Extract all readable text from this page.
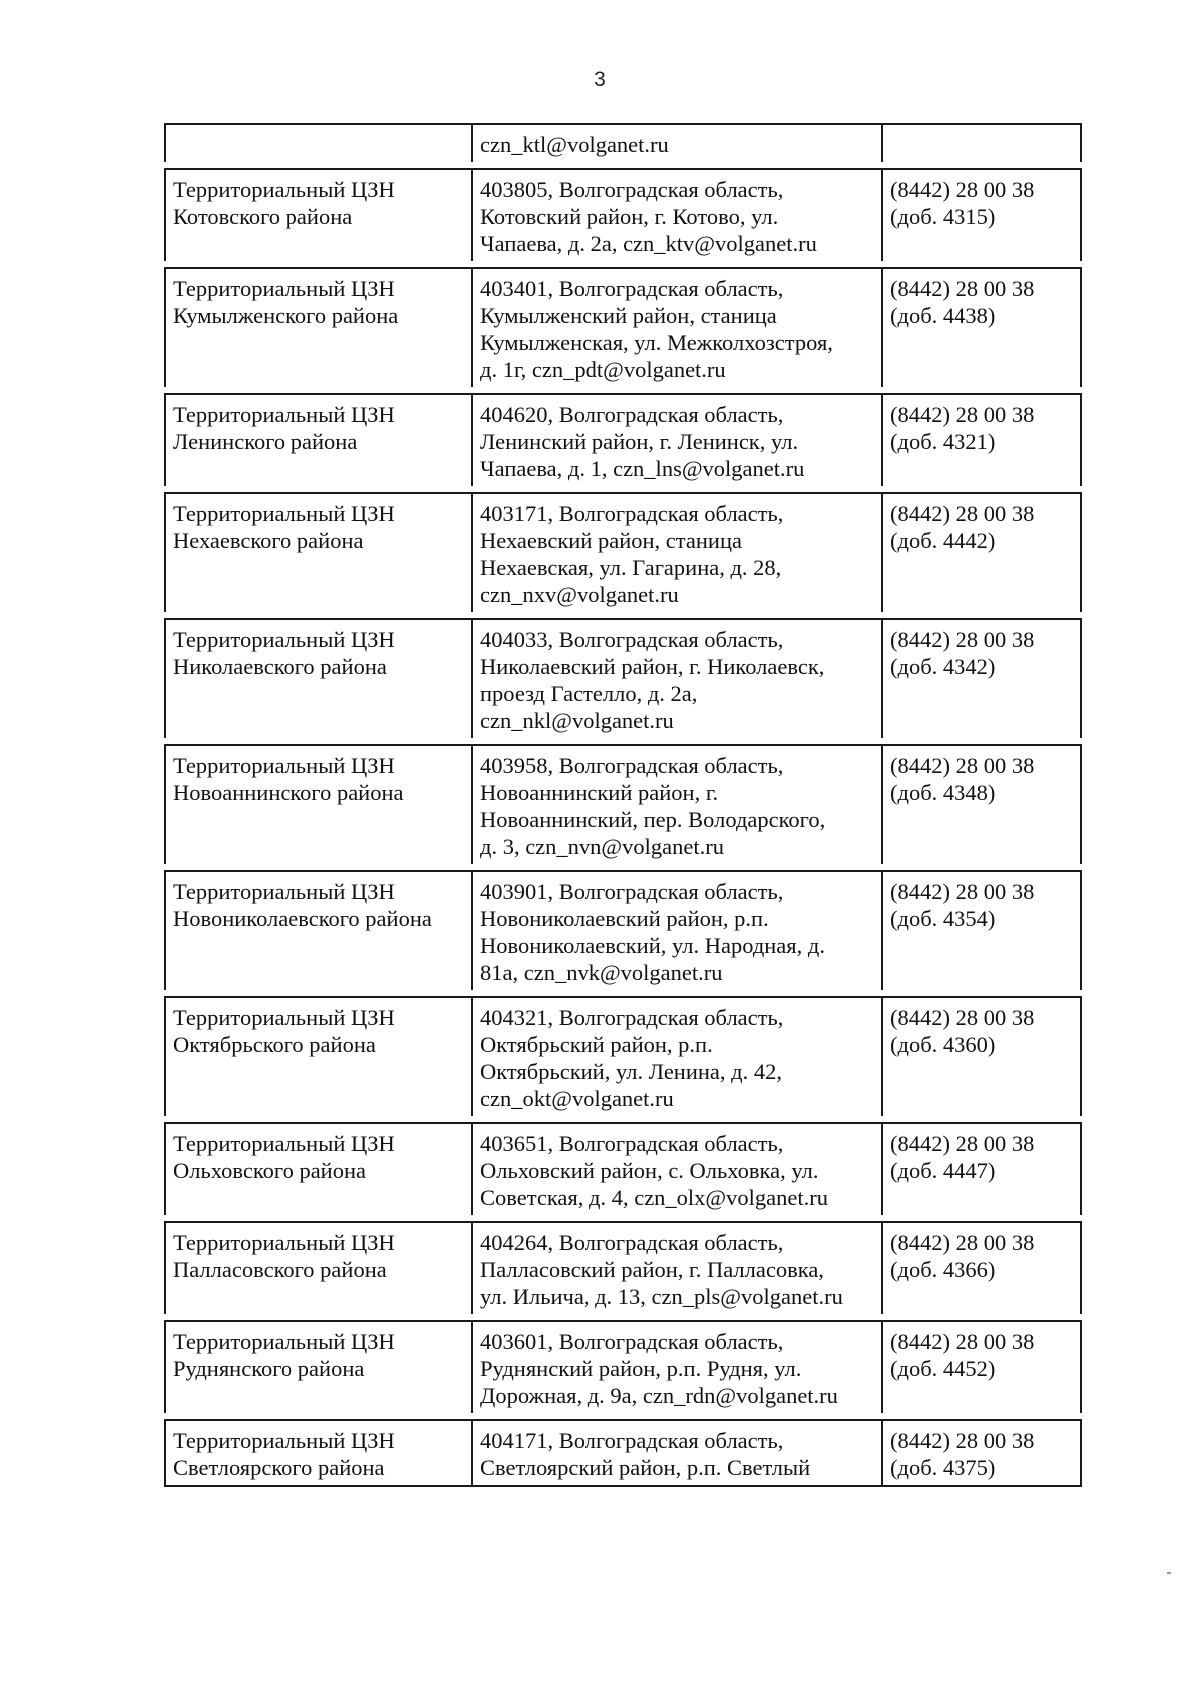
3
czn_ktl@volganet.ru
Территориальный ЦЗН
Котовского района
403805, Волгоградская область,
Котовский район, г. Котово, ул.
Чапаева, д. 2а, czn_ktv@volganet.ru
(8442) 28 00 38
(доб. 4315)
Территориальный ЦЗН
Кумылженского района
403401, Волгоградская область,
Кумылженский район, станица
Кумылженская, ул. Межколхозстроя,
д. 1г, czn_pdt@volganet.ru
(8442) 28 00 38
(доб. 4438)
Территориальный ЦЗН
Ленинского района
404620, Волгоградская область,
Ленинский район, г. Ленинск, ул.
Чапаева, д. 1, czn_lns@volganet.ru
(8442) 28 00 38
(доб. 4321)
Территориальный ЦЗН
Нехаевского района
403171, Волгоградская область,
Нехаевский район, станица
Нехаевская, ул. Гагарина, д. 28,
czn_nxv@volganet.ru
(8442) 28 00 38
(доб. 4442)
Территориальный ЦЗН
Николаевского района
404033, Волгоградская область,
Николаевский район, г. Николаевск,
проезд Гастелло, д. 2а,
czn_nkl@volganet.ru
(8442) 28 00 38
(доб. 4342)
Территориальный ЦЗН
Новоаннинского района
403958, Волгоградская область,
Новоаннинский район, г.
Новоаннинский, пер. Володарского,
д. 3, czn_nvn@volganet.ru
(8442) 28 00 38
(доб. 4348)
Территориальный ЦЗН
Новониколаевского района
403901, Волгоградская область,
Новониколаевский район, р.п.
Новониколаевский, ул. Народная, д.
81а, czn_nvk@volganet.ru
(8442) 28 00 38
(доб. 4354)
Территориальный ЦЗН
Октябрьского района
404321, Волгоградская область,
Октябрьский район, р.п.
Октябрьский, ул. Ленина, д. 42,
czn_okt@volganet.ru
(8442) 28 00 38
(доб. 4360)
Территориальный ЦЗН
Ольховского района
403651, Волгоградская область,
Ольховский район, с. Ольховка, ул.
Советская, д. 4, czn_olx@volganet.ru
(8442) 28 00 38
(доб. 4447)
Территориальный ЦЗН
Палласовского района
404264, Волгоградская область,
Палласовский район, г. Палласовка,
ул. Ильича, д. 13, czn_pls@volganet.ru
(8442) 28 00 38
(доб. 4366)
Территориальный ЦЗН
Руднянского района
403601, Волгоградская область,
Руднянский район, р.п. Рудня, ул.
Дорожная, д. 9а, czn_rdn@volganet.ru
(8442) 28 00 38
(доб. 4452)
Территориальный ЦЗН
Светлоярского района
404171, Волгоградская область,
Светлоярский район, р.п. Светлый
(8442) 28 00 38
(доб. 4375)
